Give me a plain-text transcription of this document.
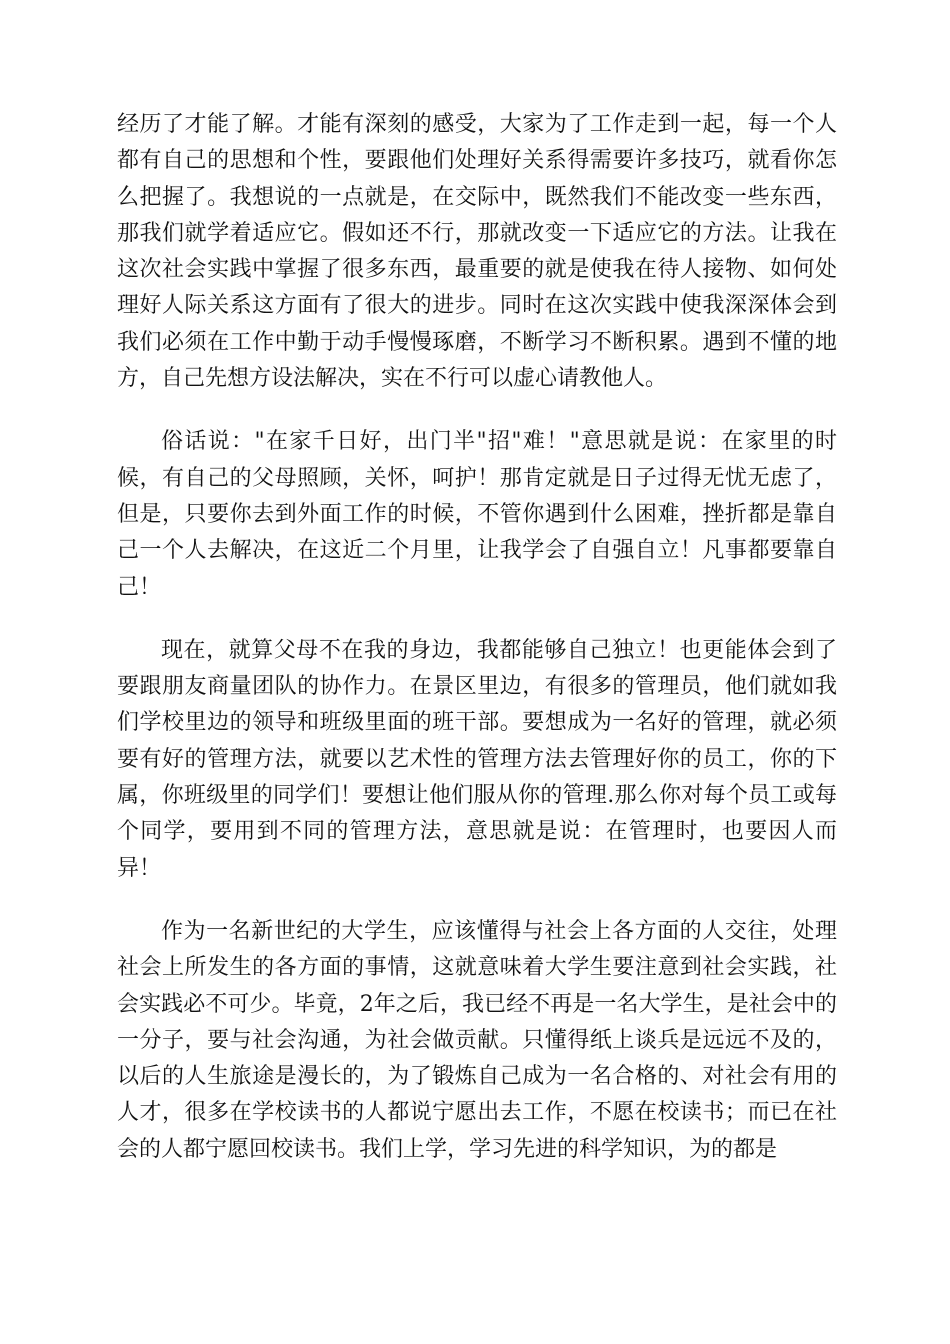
经历了才能了解。才能有深刻的感受，大家为了工作走到一起，每一个人都有自己的思想和个性，要跟他们处理好关系得需要许多技巧，就看你怎么把握了。我想说的一点就是，在交际中，既然我们不能改变一些东西，那我们就学着适应它。假如还不行，那就改变一下适应它的方法。让我在这次社会实践中掌握了很多东西，最重要的就是使我在待人接物、如何处理好人际关系这方面有了很大的进步。同时在这次实践中使我深深体会到我们必须在工作中勤于动手慢慢琢磨，不断学习不断积累。遇到不懂的地方，自己先想方设法解决，实在不行可以虚心请教他人。

俗话说："在家千日好，出门半"招"难！"意思就是说：在家里的时候，有自己的父母照顾，关怀，呵护！那肯定就是日子过得无忧无虑了，但是，只要你去到外面工作的时候，不管你遇到什么困难，挫折都是靠自己一个人去解决，在这近二个月里，让我学会了自强自立！凡事都要靠自己！

现在，就算父母不在我的身边，我都能够自己独立！也更能体会到了要跟朋友商量团队的协作力。在景区里边，有很多的管理员，他们就如我们学校里边的领导和班级里面的班干部。要想成为一名好的管理，就必须要有好的管理方法，就要以艺术性的管理方法去管理好你的员工，你的下属，你班级里的同学们！要想让他们服从你的管理.那么你对每个员工或每个同学，要用到不同的管理方法，意思就是说：在管理时，也要因人而异！

作为一名新世纪的大学生，应该懂得与社会上各方面的人交往，处理社会上所发生的各方面的事情，这就意味着大学生要注意到社会实践，社会实践必不可少。毕竟，2年之后，我已经不再是一名大学生，是社会中的一分子，要与社会沟通，为社会做贡献。只懂得纸上谈兵是远远不及的，以后的人生旅途是漫长的，为了锻炼自己成为一名合格的、对社会有用的人才，很多在学校读书的人都说宁愿出去工作，不愿在校读书；而已在社会的人都宁愿回校读书。我们上学，学习先进的科学知识，为的都是
